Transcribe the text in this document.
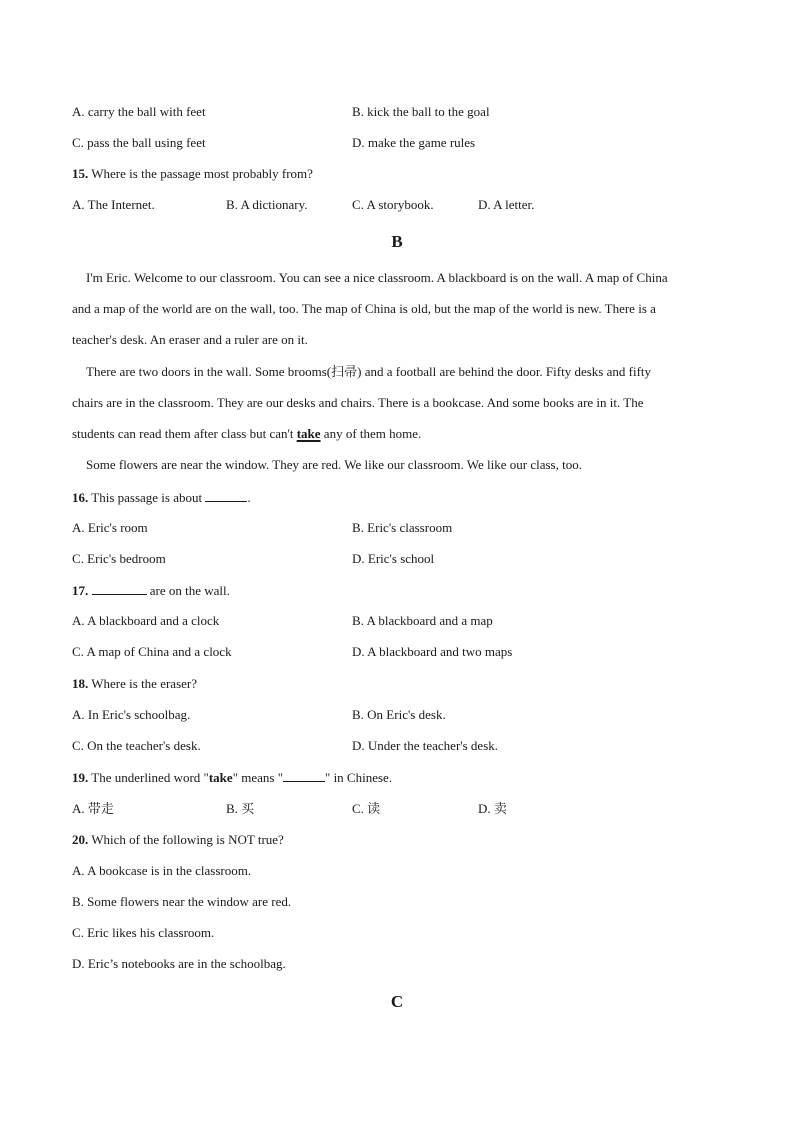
A. carry the ball with feet	B. kick the ball to the goal
C. pass the ball using feet	D. make the game rules
15. Where is the passage most probably from?
A. The Internet.	B. A dictionary.	C. A storybook.	D. A letter.
B
I'm Eric. Welcome to our classroom. You can see a nice classroom. A blackboard is on the wall. A map of China
and a map of the world are on the wall, too. The map of China is old, but the map of the world is new. There is a
teacher's desk. An eraser and a ruler are on it.
There are two doors in the wall. Some brooms(扫帚) and a football are behind the door. Fifty desks and fifty
chairs are in the classroom. They are our desks and chairs. There is a bookcase. And some books are in it. The
students can read them after class but can't take any of them home.
Some flowers are near the window. They are red. We like our classroom. We like our class, too.
16. This passage is about	.
A. Eric's room	B. Eric's classroom
C. Eric's bedroom	D. Eric's school
17.	are on the wall.
A. A blackboard and a clock	B. A blackboard and a map
C. A map of China and a clock	D. A blackboard and two maps
18. Where is the eraser?
A. In Eric's schoolbag.	B. On Eric's desk.
C. On the teacher's desk.	D. Under the teacher's desk.
19. The underlined word "take" means "	" in Chinese.
A. 带走	B. 买	C. 读	D. 卖
20. Which of the following is NOT true?
A. A bookcase is in the classroom.
B. Some flowers near the window are red.
C. Eric likes his classroom.
D. Eric’s notebooks are in the schoolbag.
C
